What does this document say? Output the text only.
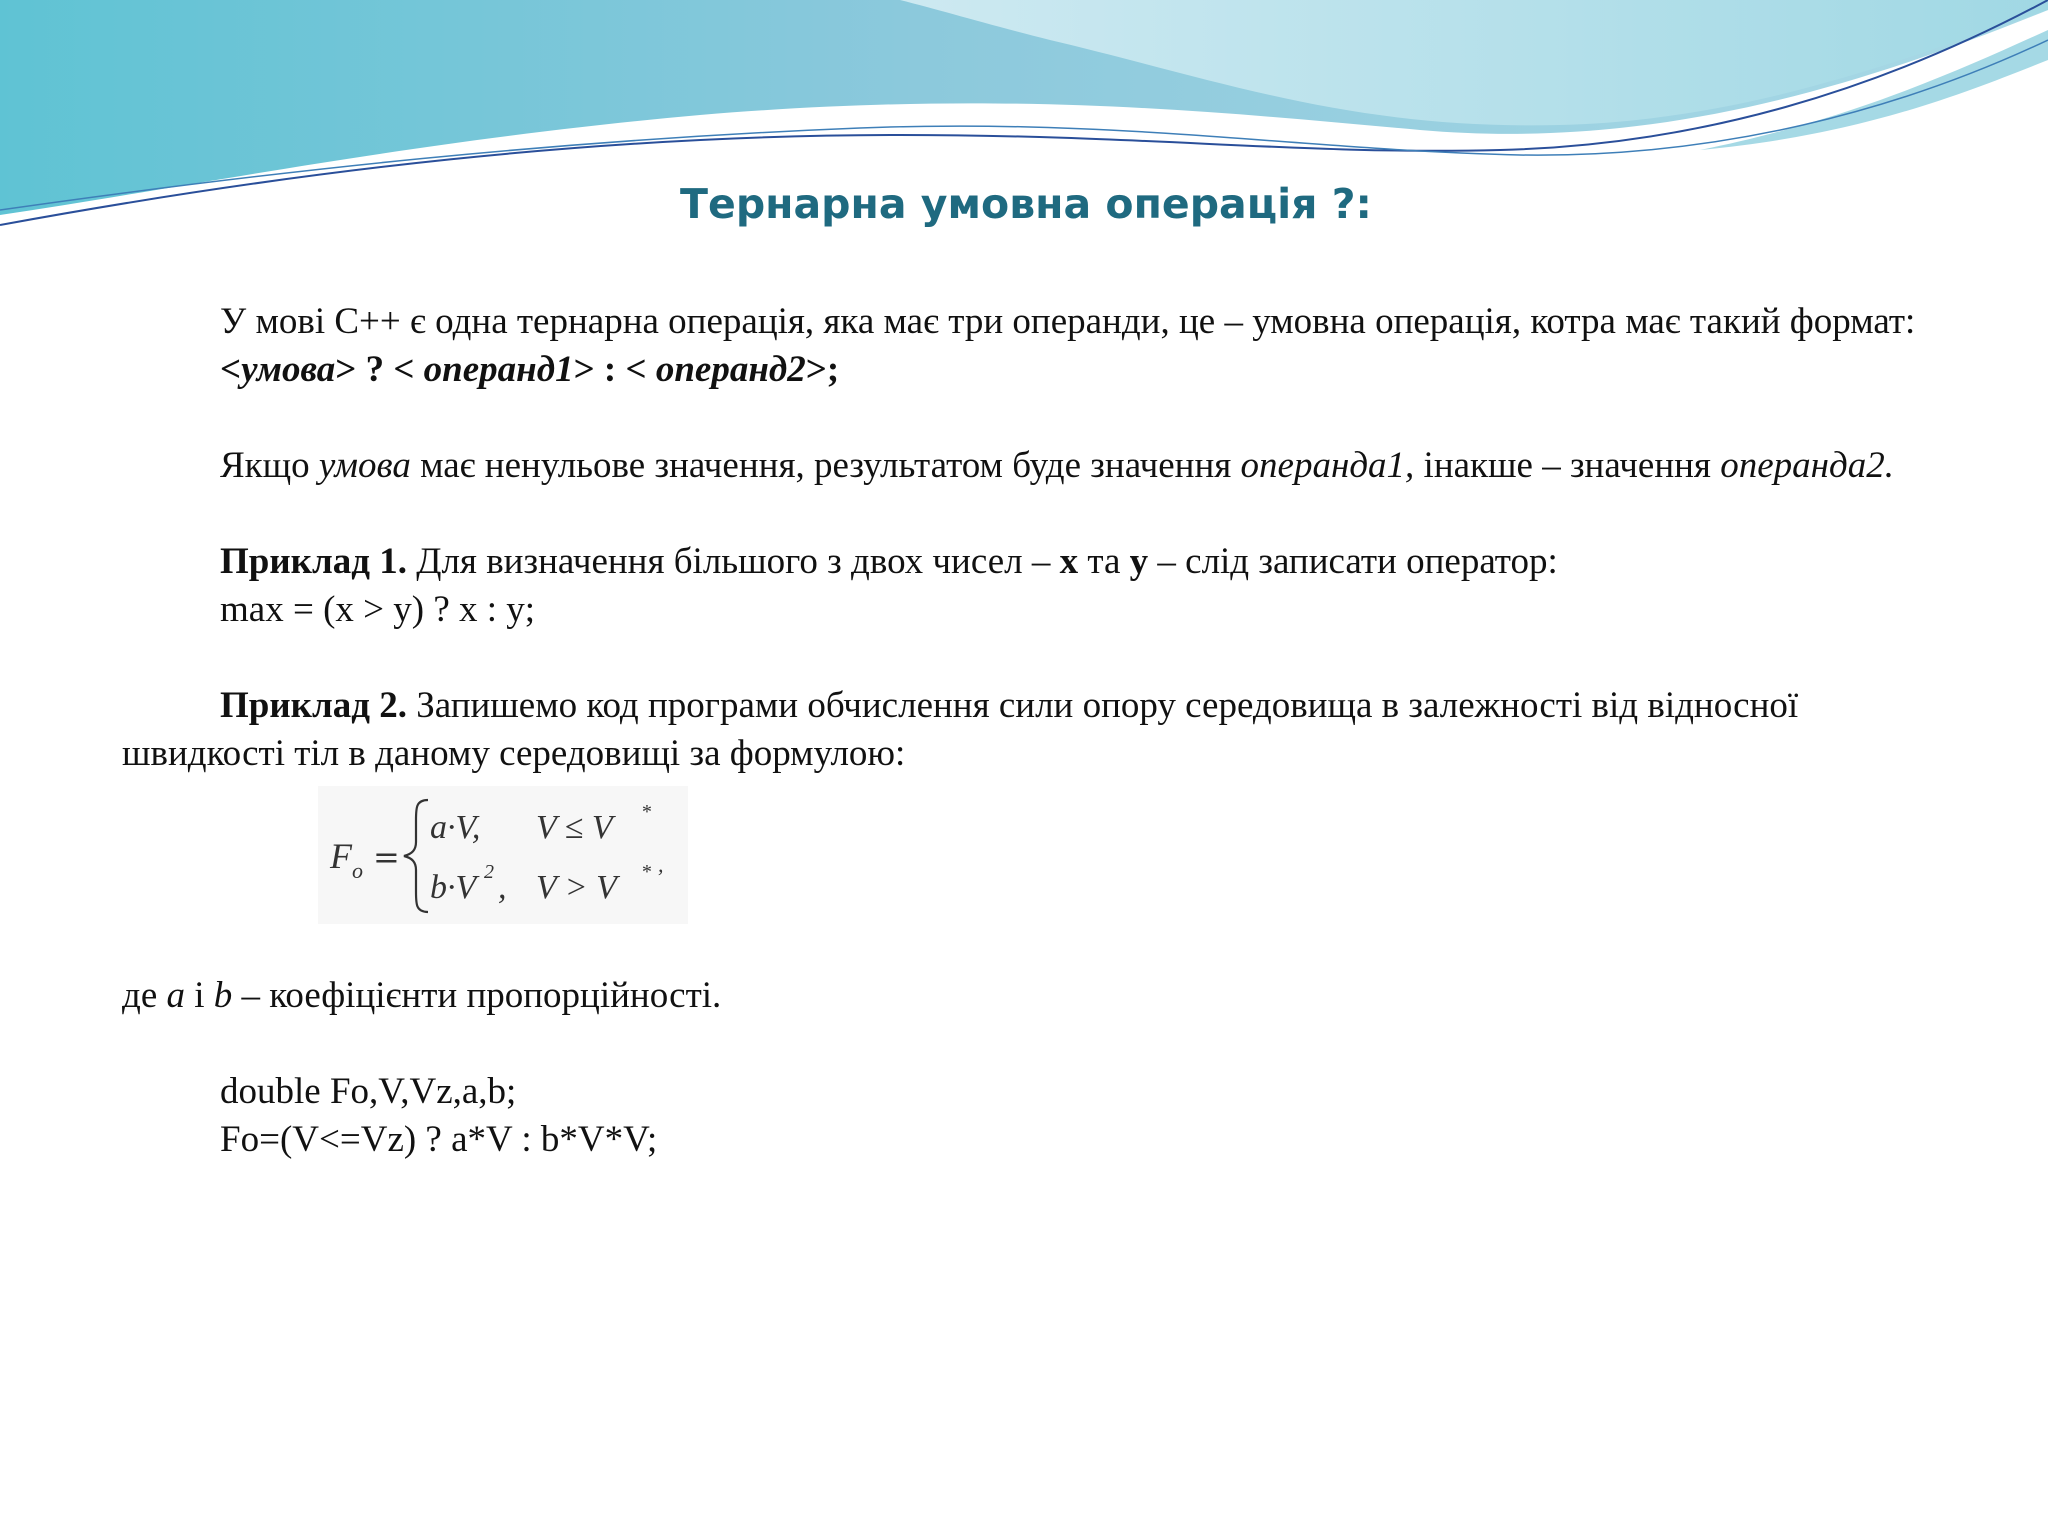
Тернарна умовна операція ?:

У мові С++ є одна тернарна операція, яка має три операнди, це – умовна операція, котра має такий формат:

<умова> ? < операнд1> : < операнд2>;

Якщо умова має ненульове значення, результатом буде значення операнда1, інакше – значення операнда2.

Приклад 1. Для визначення більшого з двох чисел – x та y – слід записати оператор:

max = (x > y) ? x : y;

Приклад 2. Запишемо код програми обчислення сили опору середовища в залежності від відносної швидкості тіл в даному середовищі за формулою:

F o =
a·V, V ≤ V *
b·V 2 , V > V * ,

де a і b – коефіцієнти пропорційності.

double Fo,V,Vz,a,b;

Fo=(V<=Vz) ? a*V : b*V*V;
